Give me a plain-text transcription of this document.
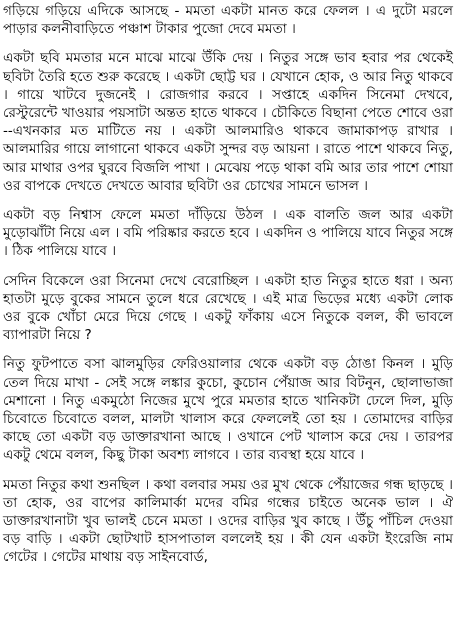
গড়িয়ে গড়িয়ে এদিকে আসছে - মমতা একটা মানত করে ফেলল । এ দুটো মরলে পাড়ার কলনীবাড়িতে পঞ্চাশ টাকার পুজো দেবে মমতা ।

একটা ছবি মমতার মনে মাঝে মাঝে উঁকি দেয় । নিতুর সঙ্গে ভাব হবার পর থেকেই ছবিটা তৈরি হতে শুরু করেছে । একটা ছোট্ট ঘর । যেখানে হোক, ও আর নিতু থাকবে । গায়ে খাটবে দুজনেই । রোজগার করবে । সপ্তাহে একদিন সিনেমা দেখবে, রেস্টুরেন্টে খাওয়ার পয়সাটা অন্তত হাতে থাকবে । চৌকিতে বিছানা পেতে শোবে ওরা --এখনকার মত মাটিতে নয় । একটা আলমারিও থাকবে জামাকাপড় রাখার । আলমারির গায়ে লাগানো থাকবে একটা সুন্দর বড় আয়না । রাতে পাশে থাকবে নিতু, আর মাথার ওপর ঘুরবে বিজলি পাখা । মেঝেয় পড়ে থাকা বমি আর তার পাশে শোয়া ওর বাপকে দেখতে দেখতে আবার ছবিটা ওর চোখের সামনে ভাসল ।

একটা বড় নিশ্বাস ফেলে মমতা দাঁড়িয়ে উঠল । এক বালতি জল আর একটা মুড়োঝাঁটা নিয়ে এল । বমি পরিষ্কার করতে হবে । একদিন ও পালিয়ে যাবে নিতুর সঙ্গে । ঠিক পালিয়ে যাবে ।

সেদিন বিকেলে ওরা সিনেমা দেখে বেরোচ্ছিল । একটা হাত নিতুর হাতে ধরা । অন্য হাতটা মুড়ে বুকের সামনে তুলে ধরে রেখেছে । এই মাত্র ভিড়ের মধ্যে একটা লোক ওর বুকে খোঁচা মেরে দিয়ে গেছে । একটু ফাঁকায় এসে নিতুকে বলল, কী ভাবলে ব্যাপারটা নিয়ে ?

নিতু ফুটপাতে বসা ঝালমুড়ির ফেরিওয়ালার থেকে একটা বড় ঠোঙা কিনল । মুড়ি তেল দিয়ে মাখা - সেই সঙ্গে লঙ্কার কুচো, কুচোন পেঁয়াজ আর বিটনুন, ছোলাভাজা মেশানো । নিতু একমুঠো নিজের মুখে পুরে মমতার হাতে খানিকটা ঢেলে দিল, মুড়ি চিবোতে চিবোতে বলল, মালটা খালাস করে ফেললেই তো হয় । তোমাদের বাড়ির কাছে তো একটা বড় ডাক্তারখানা আছে । ওখানে পেট খালাস করে দেয় । তারপর একটু থেমে বলল, কিছু টাকা অবশ্য লাগবে । তার ব্যবস্থা হয়ে যাবে ।

মমতা নিতুর কথা শুনছিল । কথা বলবার সময় ওর মুখ থেকে পেঁয়াজের গন্ধ ছাড়ছে । তা হোক, ওর বাপের কালিমার্কা মদের বমির গন্ধের চাইতে অনেক ভাল । ঐ ডাক্তারখানাটা খুব ভালই চেনে মমতা । ওদের বাড়ির খুব কাছে । উঁচু পাঁচিল দেওয়া বড় বাড়ি । একটা ছোটখাট হাসপাতাল বললেই হয় । কী যেন একটা ইংরেজি নাম গেটের । গেটের মাথায় বড় সাইনবোর্ড,
